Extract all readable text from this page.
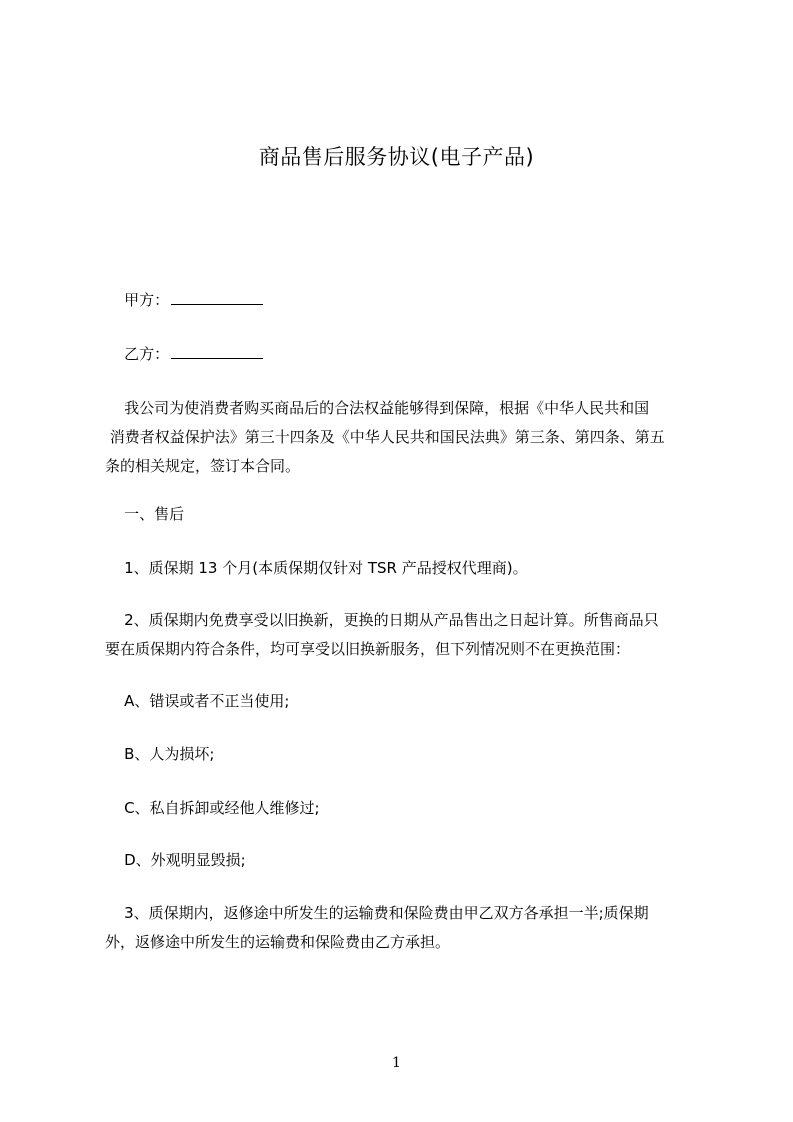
商品售后服务协议(电子产品)
甲方：
乙方：
我公司为使消费者购买商品后的合法权益能够得到保障，根据《中华人民共和国
消费者权益保护法》第三十四条及《中华人民共和国民法典》第三条、第四条、第五
条的相关规定，签订本合同。
一、售后
1、质保期 13 个月(本质保期仅针对 TSR 产品授权代理商)。
2、质保期内免费享受以旧换新，更换的日期从产品售出之日起计算。所售商品只
要在质保期内符合条件，均可享受以旧换新服务，但下列情况则不在更换范围：
A、错误或者不正当使用;
B、人为损坏;
C、私自拆卸或经他人维修过;
D、外观明显毁损;
3、质保期内，返修途中所发生的运输费和保险费由甲乙双方各承担一半;质保期
外，返修途中所发生的运输费和保险费由乙方承担。
1
